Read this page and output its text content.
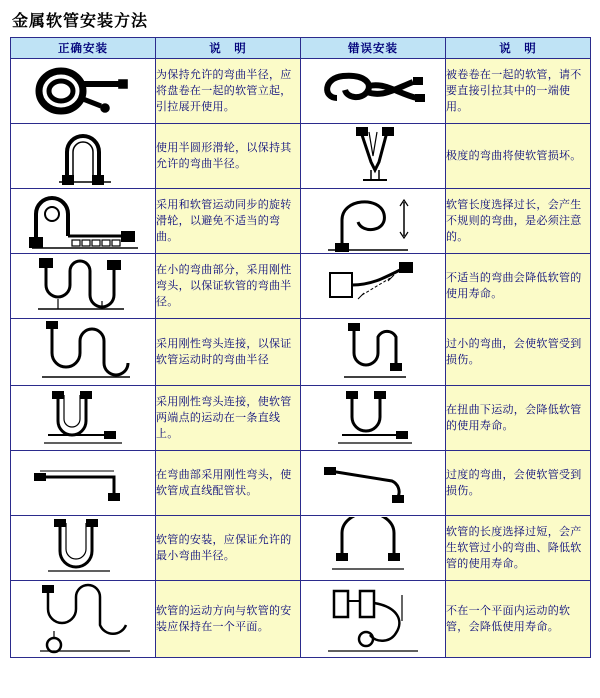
金属软管安装方法
正确安装	说　明	错误安装	说　明

	为保持允许的弯曲半径，应将盘卷在一起的软管立起，引拉展开使用。		被卷卷在一起的软管，请不要直接引拉其中的一端使用。

	使用半圆形滑轮，以保持其允许的弯曲半径。		极度的弯曲将使软管损坏。

	采用和软管运动同步的旋转滑轮，以避免不适当的弯曲。		软管长度选择过长，会产生不规则的弯曲，是必须注意的。

	在小的弯曲部分，采用刚性弯头，以保证软管的弯曲半径。		不适当的弯曲会降低软管的使用寿命。

	采用刚性弯头连接，以保证软管运动时的弯曲半径		过小的弯曲，会使软管受到损伤。

	采用刚性弯头连接，使软管两端点的运动在一条直线上。		在扭曲下运动，会降低软管的使用寿命。

	在弯曲部采用刚性弯头，使软管成直线配管状。		过度的弯曲，会使软管受到损伤。

	软管的安装，应保证允许的最小弯曲半径。		软管的长度选择过短，会产生软管过小的弯曲、降低软管的使用寿命。

	软管的运动方向与软管的安装应保持在一个平面。		不在一个平面内运动的软管，会降低使用寿命。
